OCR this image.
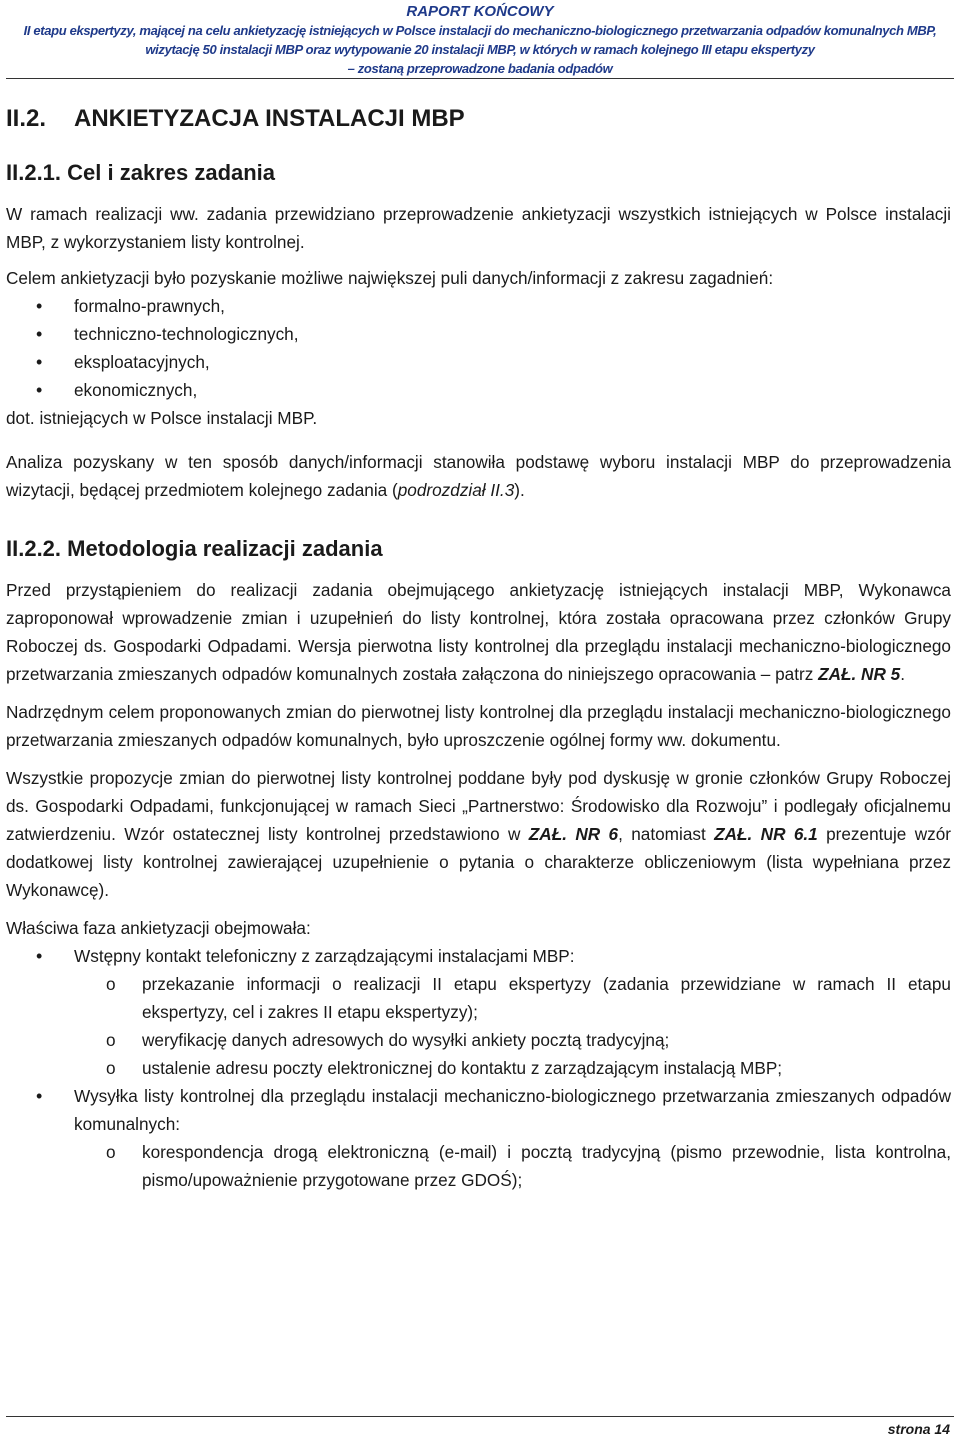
RAPORT KOŃCOWY
II etapu ekspertyzy, mającej na celu ankietyzację istniejących w Polsce instalacji do mechaniczno-biologicznego przetwarzania odpadów komunalnych MBP,
wizytację 50 instalacji MBP oraz wytypowanie 20 instalacji MBP, w których w ramach kolejnego III etapu ekspertyzy
– zostaną przeprowadzone badania odpadów
II.2. ANKIETYZACJA INSTALACJI MBP
II.2.1. Cel i zakres zadania

W ramach realizacji ww. zadania przewidziano przeprowadzenie ankietyzacji wszystkich istniejących w Polsce instalacji MBP, z wykorzystaniem listy kontrolnej.

Celem ankietyzacji było pozyskanie możliwe największej puli danych/informacji z zakresu zagadnień:

• formalno-prawnych,
• techniczno-technologicznych,
• eksploatacyjnych,
• ekonomicznych,

dot. istniejących w Polsce instalacji MBP.

Analiza pozyskany w ten sposób danych/informacji stanowiła podstawę wyboru instalacji MBP do przeprowadzenia wizytacji, będącej przedmiotem kolejnego zadania (podrozdział II.3).

II.2.2. Metodologia realizacji zadania

Przed przystąpieniem do realizacji zadania obejmującego ankietyzację istniejących instalacji MBP, Wykonawca zaproponował wprowadzenie zmian i uzupełnień do listy kontrolnej, która została opracowana przez członków Grupy Roboczej ds. Gospodarki Odpadami. Wersja pierwotna listy kontrolnej dla przeglądu instalacji mechaniczno-biologicznego przetwarzania zmieszanych odpadów komunalnych została załączona do niniejszego opracowania – patrz ZAŁ. NR 5.

Nadrzędnym celem proponowanych zmian do pierwotnej listy kontrolnej dla przeglądu instalacji mechaniczno-biologicznego przetwarzania zmieszanych odpadów komunalnych, było uproszczenie ogólnej formy ww. dokumentu.

Wszystkie propozycje zmian do pierwotnej listy kontrolnej poddane były pod dyskusję w gronie członków Grupy Roboczej ds. Gospodarki Odpadami, funkcjonującej w ramach Sieci „Partnerstwo: Środowisko dla Rozwoju” i podlegały oficjalnemu zatwierdzeniu. Wzór ostatecznej listy kontrolnej przedstawiono w ZAŁ. NR 6, natomiast ZAŁ. NR 6.1 prezentuje wzór dodatkowej listy kontrolnej zawierającej uzupełnienie o pytania o charakterze obliczeniowym (lista wypełniana przez Wykonawcę).

Właściwa faza ankietyzacji obejmowała:

• Wstępny kontakt telefoniczny z zarządzającymi instalacjami MBP:
o przekazanie informacji o realizacji II etapu ekspertyzy (zadania przewidziane w ramach II etapu ekspertyzy, cel i zakres II etapu ekspertyzy);
o weryfikację danych adresowych do wysyłki ankiety pocztą tradycyjną;
o ustalenie adresu poczty elektronicznej do kontaktu z zarządzającym instalacją MBP;
• Wysyłka listy kontrolnej dla przeglądu instalacji mechaniczno-biologicznego przetwarzania zmieszanych odpadów komunalnych:
o korespondencja drogą elektroniczną (e-mail) i pocztą tradycyjną (pismo przewodnie, lista kontrolna, pismo/upoważnienie przygotowane przez GDOŚ);
strona 14
